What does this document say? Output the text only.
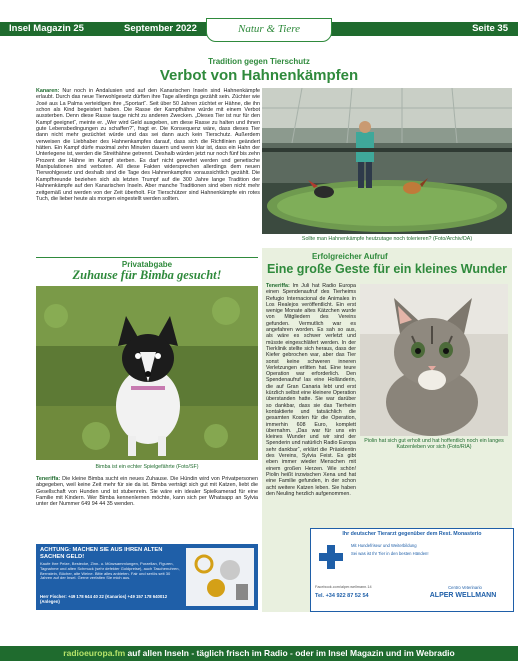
Insel Magazin 25	September 2022	Natur & Tiere	Seite 35
Tradition gegen Tierschutz
Verbot von Hahnenkämpfen
Sollte man Hahnenkämpfe heutzutage noch tolerieren? (Foto/Archiv/DA)
Kanaren: Nur noch in Andalusien und auf den Kanarischen Inseln sind Hahnenkämpfe erlaubt. Durch das neue Tierwohlgesetz dürften ihre Tage allerdings gezählt sein. Züchter wie José aus La Palma verteidigen ihre „Sportart“. Seit über 50 Jahren züchtet er Hähne, die ihn schon als Kind begeistert haben. Die Rasse der Kampfhähne würde mit einem Verbot aussterben. Denn diese Rasse tauge nicht zu anderen Zwecken. „Dieses Tier ist nur für den Kampf geeignet“, meinte er. „Wer wird Geld ausgeben, um diese Rasse zu halten und ihnen gute Lebensbedingungen zu schaffen?“, fragt er. Die Konsequenz wäre, dass dieses Tier dann nicht mehr gezüchtet würde und das sei dann auch kein Tierschutz. Außerdem verweisen die Liebhaber des Hahnenkampfes darauf, dass sich die Richtlinien geändert hätten. Ein Kampf dürfe maximal zehn Minuten dauern und wenn klar ist, dass ein Hahn der Unterlegene ist, werden die Streithähne getrennt. Deshalb würden jetzt nur noch fünf bis zehn Prozent der Hähne im Kampf sterben. Es darf nicht gewettet werden und genetische Manipulationen sind verboten. All diese Fakten widersprechen allerdings dem neuen Tierwohlgesetz und deshalb sind die Tage des Hahnenkampfes voraussichtlich gezählt. Die Kampfhreunde beziehen sich als letzten Trumpf auf die 300 Jahre lange Tradition der Hahnenkämpfe auf den Kanarischen Inseln. Aber manche Traditionen sind eben nicht mehr zeitgemäß und werden von der Zeit überholt. Für Tierschützer sind Hahnenkämpfe ein rotes Tuch, die lieber heute als morgen eingestellt werden sollten.
Privatabgabe
Zuhause für Bimba gesucht!
Bimba ist ein echter Spielgefährte (Foto/SF)
Teneriffa: Die kleine Bimba sucht ein neues Zuhause. Die Hündin wird von Privatpersonen abgegeben, weil keine Zeit mehr für sie da ist. Bimba verträgt sich gut mit Katzen, liebt die Gesellschaft von Hunden und ist stubenrein. Sie wäre ein idealer Spielkamerad für eine Familie mit Kindern. Wer Bimba kennenlernen möchte, kann sich per Whatsapp an Sylvia unter der Nummer 649 94 44 35 wenden.
ACHTUNG: MACHEN SIE AUS IHREN ALTEN SACHEN GELD!
Kaufe Ihre Pelze, Bestecke, Zinn- u. Münzsammlungen, Porzellan, Figuren, Tagnahme und alten Schmuck (sehr defekter Goldpreise), auch Taschenuhren, Bernstein, Bücher, alte Weine. Bitte alles anbieten. Fair und seriös seit 30 Jahren auf der Insel. Gerne verfalten Sie mich aus.
Herr Fischer: +49 178 644 40 22 (Kanarios) +49 157 178 640012 (Anlegen)
Erfolgreicher Aufruf
Eine große Geste für ein kleines Wunder
Teneriffa: Im Juli hat Radio Europa einen Spendenaufruf des Tierheims Refugio Internacional de Animales in Los Realejos veröffentlicht. Ein erst wenige Monate altes Kätzchen wurde von Mitgliedern des Vereins gefunden. Vermutlich war es angefahren worden. Es sah so aus, als wäre es schwer verletzt und müsste eingeschläfert werden. In der Tierklinik stellte sich heraus, dass der Kiefer gebrochen war, aber das Tier sonst keine schweren inneren Verletzungen erlitten hat. Eine teure Operation war erforderlich. Den Spendenaufruf las eine Holländerin, die auf Gran Canaria lebt und erst kürzlich selbst eine kleinere Operation überstanden hatte. Sie war darüber so dankbar, dass sie das Tierheim kontaktierte und tatsächlich die gesamten Kosten für die Operation, immerhin 608 Euro, komplett übernahm. „Das war für uns ein kleines Wunder und wir sind der Spenderin und natürlich Radio Europa sehr dankbar“, erklärt die Präsidentin des Vereins, Sylvia Feist. Es gibt eben immer wieder Menschen mit einem großen Herzen. Wie schön! Piolin heißt inzwischen Xena und hat eine Familie gefunden, in der schon acht weitere Katzen leben. Sie haben den Neuling herzlich aufgenommen.
Piolin hat sich gut erholt und hat hoffentlich noch ein langes Katzenleben vor sich (Foto/RIA)
Ihr deutscher Tierarzt gegenüber dem Rest. Monasterio
Mit Hundefriseur und Weiterbildung
Sei was ist Ihr Tier in den besten Händen!
Facebook.com/alper.wellmann.14
Tel. +34 922 87 52 54
Centro Veterinario
ALPER WELLMANN
radioeuropa.fm auf allen Inseln - täglich frisch im Radio - oder im Insel Magazin und im Webradio
